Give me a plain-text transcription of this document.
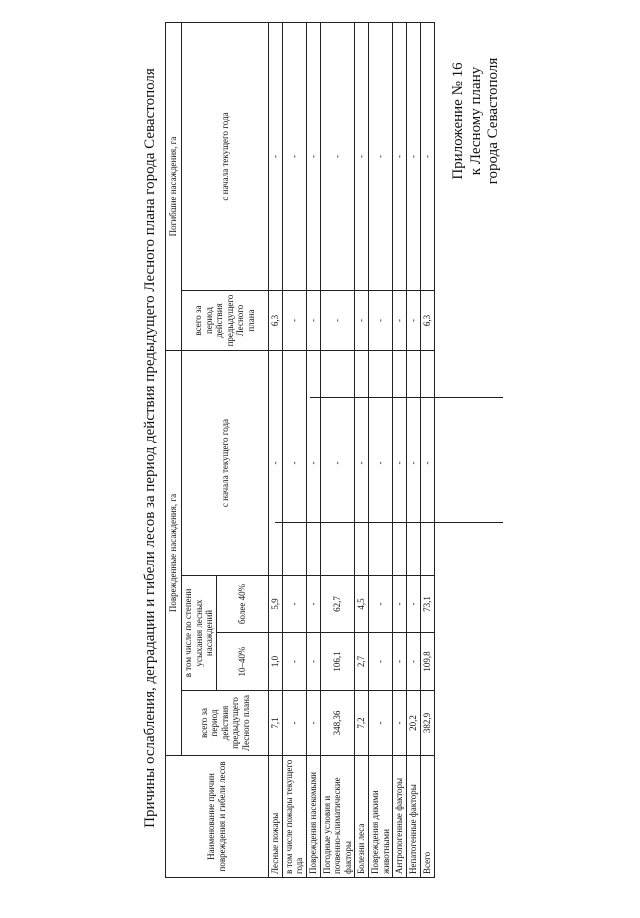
Приложение № 16 к Лесному плану города Севастополя
Причины ослабления, деградации и гибели лесов за период действия предыдущего Лесного плана города Севастополя	Наименование причин повреждения и гибели лесов	Поврежденные насаждения, га				Погибшие насаждения, га	
	всего за период действия предыдущего Лесного плана	в том числе по степени усыхания лесных насаждений		с начала текущего года	всего за период действия предыдущего Лесного плана	с начала текущего года
		10–40%	более 40%			
Лесные пожары	7,1	1,0	5,9	-	6,3	-
в том числе пожары текущего года	-	-	-	-	-	-
Повреждения насекомыми	-	-	-	-	-	-
Погодные условия и почвенно-климатические факторы	348,36	106,1	62,7	-	-	-
Болезни леса	7,2	2,7	4,5	-	-	-
Повреждения дикими животными	-	-	-	-	-	-
Антропогенные факторы	-	-	-	-	-	-
Непатогенные факторы	20,2	-	-	-	-	-
Всего	382,9	109,8	73,1	-	6,3	-
